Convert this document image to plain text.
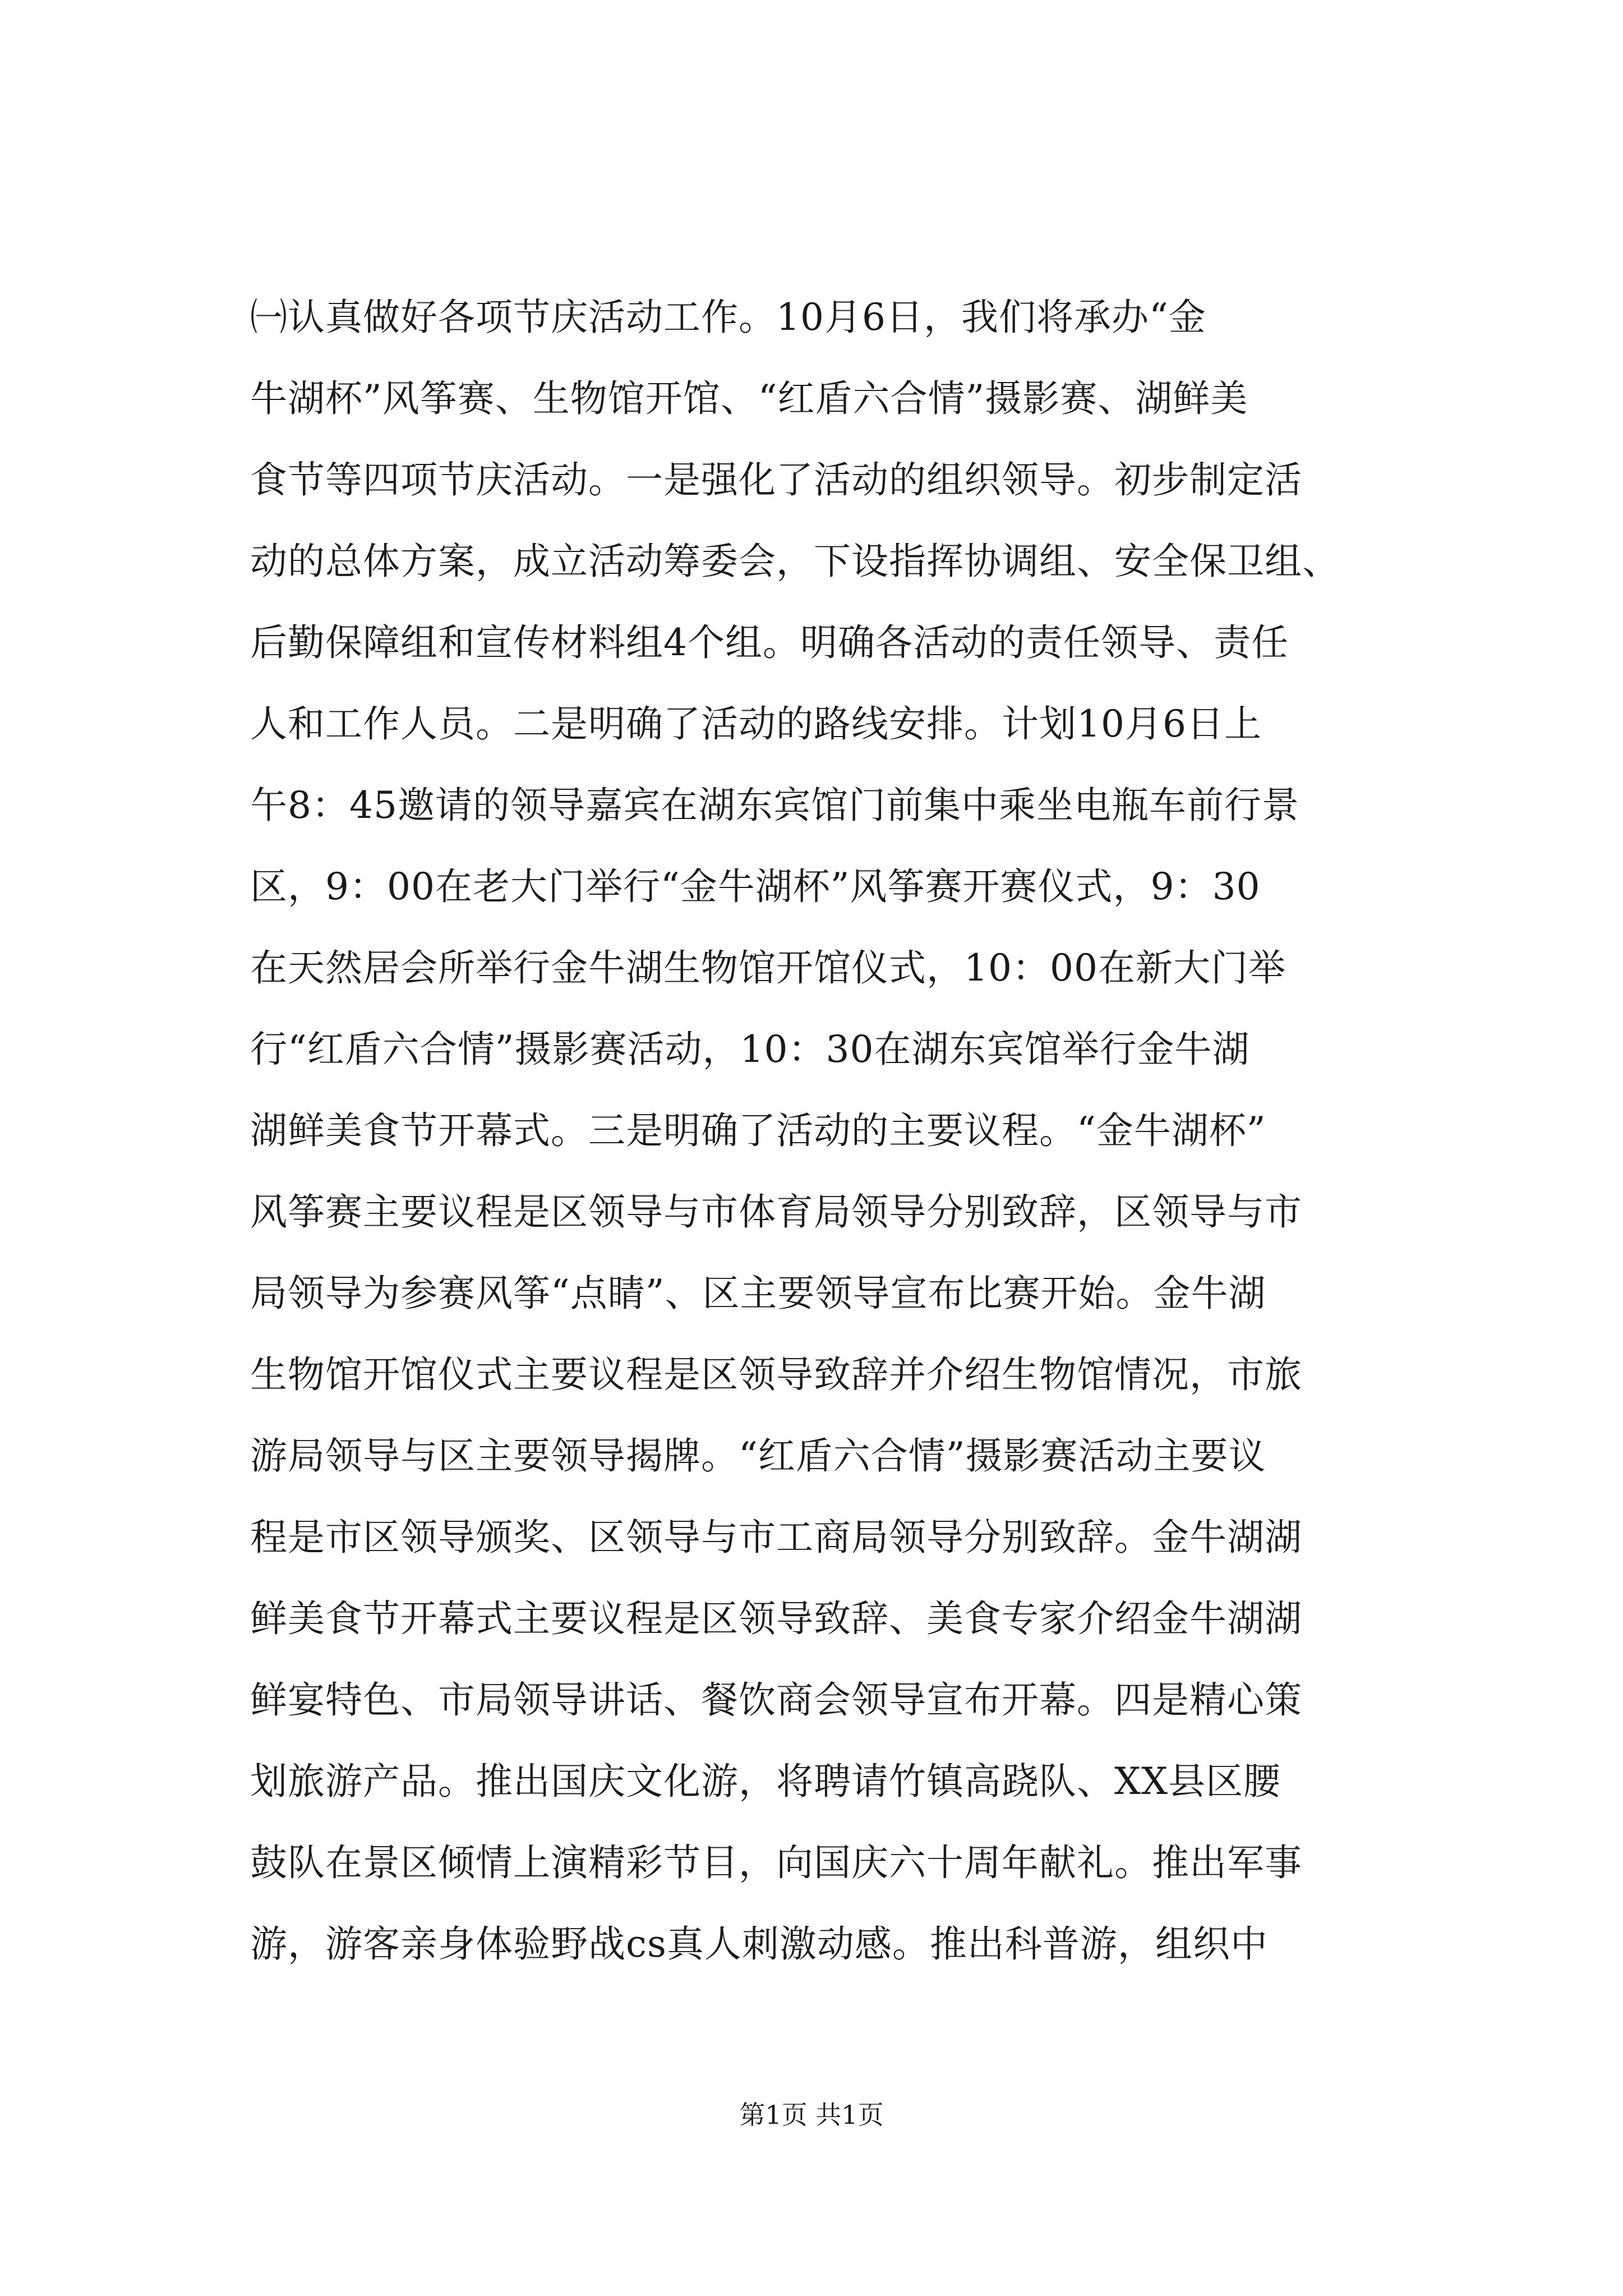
㈠认真做好各项节庆活动工作。10月6日，我们将承办“金
牛湖杯”风筝赛、生物馆开馆、“红盾六合情”摄影赛、湖鲜美
食节等四项节庆活动。一是强化了活动的组织领导。初步制定活
动的总体方案，成立活动筹委会，下设指挥协调组、安全保卫组、
后勤保障组和宣传材料组4个组。明确各活动的责任领导、责任
人和工作人员。二是明确了活动的路线安排。计划10月6日上
午8：45邀请的领导嘉宾在湖东宾馆门前集中乘坐电瓶车前行景
区，9：00在老大门举行“金牛湖杯”风筝赛开赛仪式，9：30
在天然居会所举行金牛湖生物馆开馆仪式，10：00在新大门举
行“红盾六合情”摄影赛活动，10：30在湖东宾馆举行金牛湖
湖鲜美食节开幕式。三是明确了活动的主要议程。“金牛湖杯”
风筝赛主要议程是区领导与市体育局领导分别致辞，区领导与市
局领导为参赛风筝“点睛”、区主要领导宣布比赛开始。金牛湖
生物馆开馆仪式主要议程是区领导致辞并介绍生物馆情况，市旅
游局领导与区主要领导揭牌。“红盾六合情”摄影赛活动主要议
程是市区领导颁奖、区领导与市工商局领导分别致辞。金牛湖湖
鲜美食节开幕式主要议程是区领导致辞、美食专家介绍金牛湖湖
鲜宴特色、市局领导讲话、餐饮商会领导宣布开幕。四是精心策
划旅游产品。推出国庆文化游，将聘请竹镇高跷队、XX县区腰
鼓队在景区倾情上演精彩节目，向国庆六十周年献礼。推出军事
游，游客亲身体验野战cs真人刺激动感。推出科普游，组织中
第1页 共1页
